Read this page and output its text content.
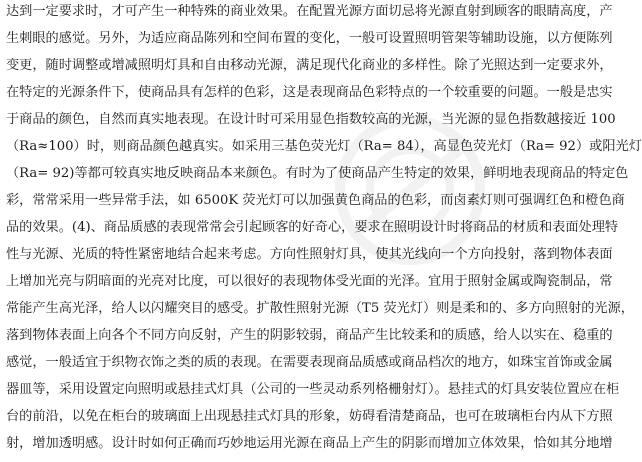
达到一定要求时，才可产生一种特殊的商业效果。在配置光源方面切忌将光源直射到顾客的眼睛高度，产
生刺眼的感觉。另外，为适应商品陈列和空间布置的变化，一般可设置照明管架等辅助设施，以方便陈列
变更，随时调整或增减照明灯具和自由移动光源，满足现代化商业的多样性。除了光照达到一定要求外，
在特定的光源条件下，使商品具有怎样的色彩，这是表现商品色彩特点的一个较重要的问题。一般是忠实
于商品的颜色，自然而真实地表现。在设计时可采用显色指数较高的光源，当光源的显色指数越接近 100
（Ra≈100）时，则商品颜色越真实。如采用三基色荧光灯（Ra= 84），高显色荧光灯（Ra= 92）或阳光灯
（Ra= 92)等都可较真实地反映商品本来颜色。有时为了使商品产生特定的效果，鲜明地表现商品的特定色
彩，常常采用一些异常手法，如 6500K 荧光灯可以加强黄色商品的色彩，而卤素灯则可强调红色和橙色商
品的效果。(4)、商品质感的表现常常会引起顾客的好奇心，要求在照明设计时将商品的材质和表面处理特
性与光源、光质的特性紧密地结合起来考虑。方向性照射灯具，使其光线向一个方向投射，落到物体表面
上增加光亮与阴暗面的光亮对比度，可以很好的表现物体受光面的光泽。宜用于照射金属或陶瓷制品，常
常能产生高光泽，给人以闪耀突目的感受。扩散性照射光源（T5 荧光灯）则是柔和的、多方向照射的光源，
落到物体表面上向各个不同方向反射，产生的阴影较弱，商品产生比较柔和的质感，给人以实在、稳重的
感觉，一般适宜于织物衣饰之类的质的表现。在需要表现商品质感或商品档次的地方，如珠宝首饰或金属
器皿等，采用设置定向照明或悬挂式灯具（公司的一些灵动系列格栅射灯）。悬挂式的灯具安装位置应在柜
台的前沿，以免在柜台的玻璃面上出现悬挂式灯具的形象，妨碍看清楚商品，也可在玻璃柜台内从下方照
射，增加透明感。设计时如何正确而巧妙地运用光源在商品上产生的阴影而增加立体效果，恰如其分地增
